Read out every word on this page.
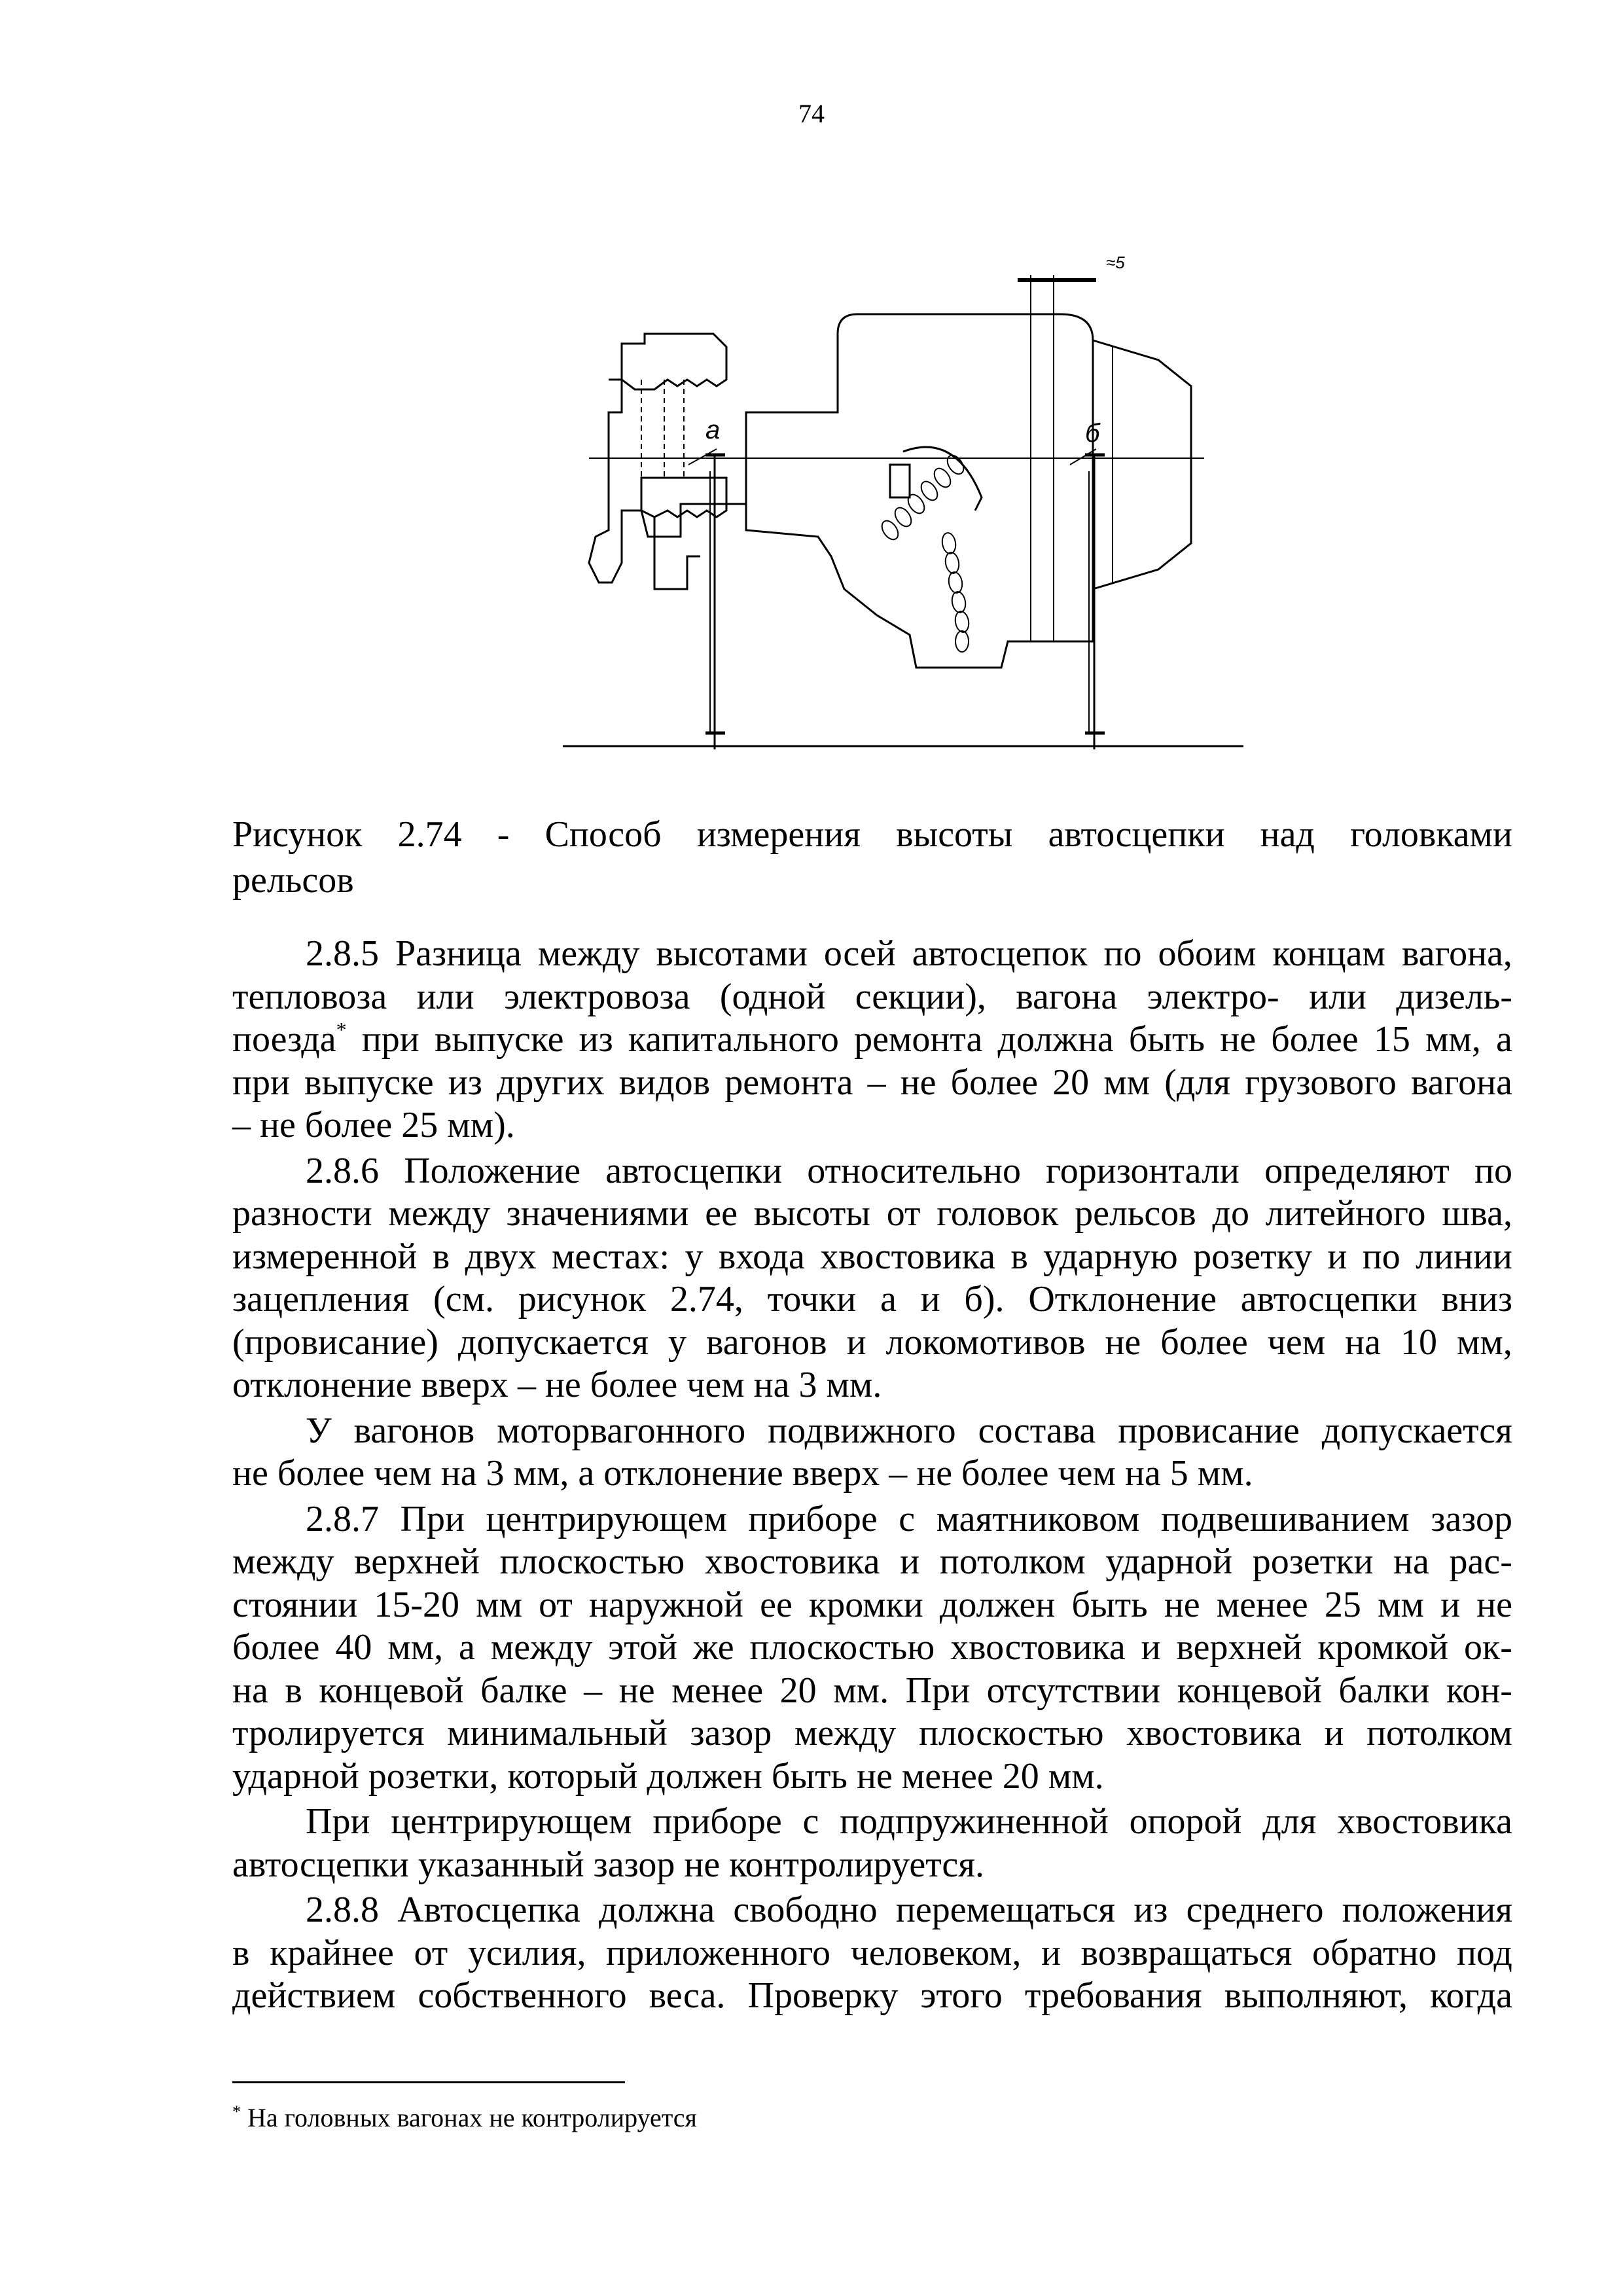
74
а	б
≈5
Рисунок 2.74 - Способ измерения высоты автосцепки над головками
рельсов
2.8.5 Разница между высотами осей автосцепок по обоим концам вагона,
тепловоза или электровоза (одной секции), вагона электро- или дизель-
поезда* при выпуске из капитального ремонта должна быть не более 15 мм, а
при выпуске из других видов ремонта – не более 20 мм (для грузового вагона
– не более 25 мм).
2.8.6 Положение автосцепки относительно горизонтали определяют по
разности между значениями ее высоты от головок рельсов до литейного шва,
измеренной в двух местах: у входа хвостовика в ударную розетку и по линии
зацепления (см. рисунок 2.74, точки а и б). Отклонение автосцепки вниз
(провисание) допускается у вагонов и локомотивов не более чем на 10 мм,
отклонение вверх – не более чем на 3 мм.
У вагонов моторвагонного подвижного состава провисание допускается
не более чем на 3 мм, а отклонение вверх – не более чем на 5 мм.
2.8.7 При центрирующем приборе с маятниковом подвешиванием зазор
между верхней плоскостью хвостовика и потолком ударной розетки на рас-
стоянии 15-20 мм от наружной ее кромки должен быть не менее 25 мм и не
более 40 мм, а между этой же плоскостью хвостовика и верхней кромкой ок-
на в концевой балке – не менее 20 мм. При отсутствии концевой балки кон-
тролируется минимальный зазор между плоскостью хвостовика и потолком
ударной розетки, который должен быть не менее 20 мм.
При центрирующем приборе с подпружиненной опорой для хвостовика
автосцепки указанный зазор не контролируется.
2.8.8 Автосцепка должна свободно перемещаться из среднего положения
в крайнее от усилия, приложенного человеком, и возвращаться обратно под
действием собственного веса. Проверку этого требования выполняют, когда
* На головных вагонах не контролируется
